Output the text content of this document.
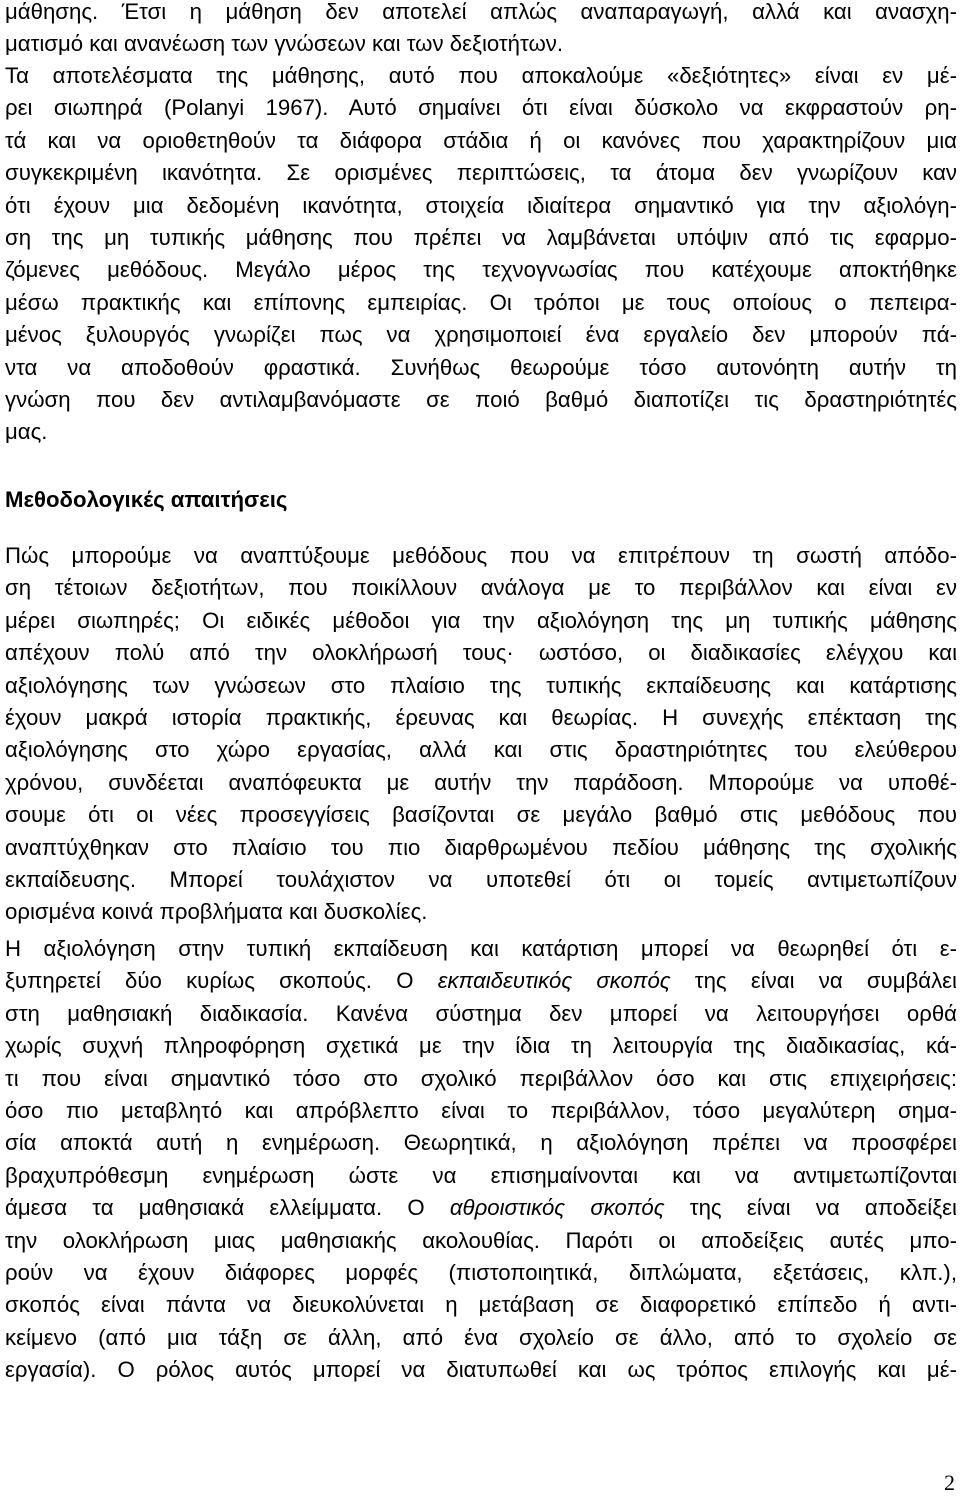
μάθησης. Έτσι η μάθηση δεν αποτελεί απλώς αναπαραγωγή, αλλά και ανασχη-
ματισμό και ανανέωση των γνώσεων και των δεξιοτήτων.
Τα αποτελέσματα της μάθησης, αυτό που αποκαλούμε «δεξιότητες» είναι εν μέ-
ρει σιωπηρά (Polanyi 1967). Αυτό σημαίνει ότι είναι δύσκολο να εκφραστούν ρη-
τά και να οριοθετηθούν τα διάφορα στάδια ή οι κανόνες που χαρακτηρίζουν μια
συγκεκριμένη ικανότητα. Σε ορισμένες περιπτώσεις, τα άτομα δεν γνωρίζουν καν
ότι έχουν μια δεδομένη ικανότητα, στοιχεία ιδιαίτερα σημαντικό για την αξιολόγη-
ση της μη τυπικής μάθησης που πρέπει να λαμβάνεται υπόψιν από τις εφαρμο-
ζόμενες μεθόδους. Μεγάλο μέρος της τεχνογνωσίας που κατέχουμε αποκτήθηκε
μέσω πρακτικής και επίπονης εμπειρίας. Οι τρόποι με τους οποίους ο πεπειρα-
μένος ξυλουργός γνωρίζει πως να χρησιμοποιεί ένα εργαλείο δεν μπορούν πά-
ντα να αποδοθούν φραστικά. Συνήθως θεωρούμε τόσο αυτονόητη αυτήν τη
γνώση που δεν αντιλαμβανόμαστε σε ποιό βαθμό διαποτίζει τις δραστηριότητές
μας.
Μεθοδολογικές απαιτήσεις
Πώς μπορούμε να αναπτύξουμε μεθόδους που να επιτρέπουν τη σωστή απόδο-
ση τέτοιων δεξιοτήτων, που ποικίλλουν ανάλογα με το περιβάλλον και είναι εν
μέρει σιωπηρές; Οι ειδικές μέθοδοι για την αξιολόγηση της μη τυπικής μάθησης
απέχουν πολύ από την ολοκλήρωσή τους· ωστόσο, οι διαδικασίες ελέγχου και
αξιολόγησης των γνώσεων στο πλαίσιο της τυπικής εκπαίδευσης και κατάρτισης
έχουν μακρά ιστορία πρακτικής, έρευνας και θεωρίας. Η συνεχής επέκταση της
αξιολόγησης στο χώρο εργασίας, αλλά και στις δραστηριότητες του ελεύθερου
χρόνου, συνδέεται αναπόφευκτα με αυτήν την παράδοση. Μπορούμε να υποθέ-
σουμε ότι οι νέες προσεγγίσεις βασίζονται σε μεγάλο βαθμό στις μεθόδους που
αναπτύχθηκαν στο πλαίσιο του πιο διαρθρωμένου πεδίου μάθησης της σχολικής
εκπαίδευσης. Μπορεί τουλάχιστον να υποτεθεί ότι οι τομείς αντιμετωπίζουν
ορισμένα κοινά προβλήματα και δυσκολίες.
Η αξιολόγηση στην τυπική εκπαίδευση και κατάρτιση μπορεί να θεωρηθεί ότι ε-
ξυπηρετεί δύο κυρίως σκοπούς. Ο εκπαιδευτικός σκοπός της είναι να συμβάλει
στη μαθησιακή διαδικασία. Κανένα σύστημα δεν μπορεί να λειτουργήσει ορθά
χωρίς συχνή πληροφόρηση σχετικά με την ίδια τη λειτουργία της διαδικασίας, κά-
τι που είναι σημαντικό τόσο στο σχολικό περιβάλλον όσο και στις επιχειρήσεις:
όσο πιο μεταβλητό και απρόβλεπτο είναι το περιβάλλον, τόσο μεγαλύτερη σημα-
σία αποκτά αυτή η ενημέρωση. Θεωρητικά, η αξιολόγηση πρέπει να προσφέρει
βραχυπρόθεσμη ενημέρωση ώστε να επισημαίνονται και να αντιμετωπίζονται
άμεσα τα μαθησιακά ελλείμματα. Ο αθροιστικός σκοπός της είναι να αποδείξει
την ολοκλήρωση μιας μαθησιακής ακολουθίας. Παρότι οι αποδείξεις αυτές μπο-
ρούν να έχουν διάφορες μορφές (πιστοποιητικά, διπλώματα, εξετάσεις, κλπ.),
σκοπός είναι πάντα να διευκολύνεται η μετάβαση σε διαφορετικό επίπεδο ή αντι-
κείμενο (από μια τάξη σε άλλη, από ένα σχολείο σε άλλο, από το σχολείο σε
εργασία). Ο ρόλος αυτός μπορεί να διατυπωθεί και ως τρόπος επιλογής και μέ-
2
